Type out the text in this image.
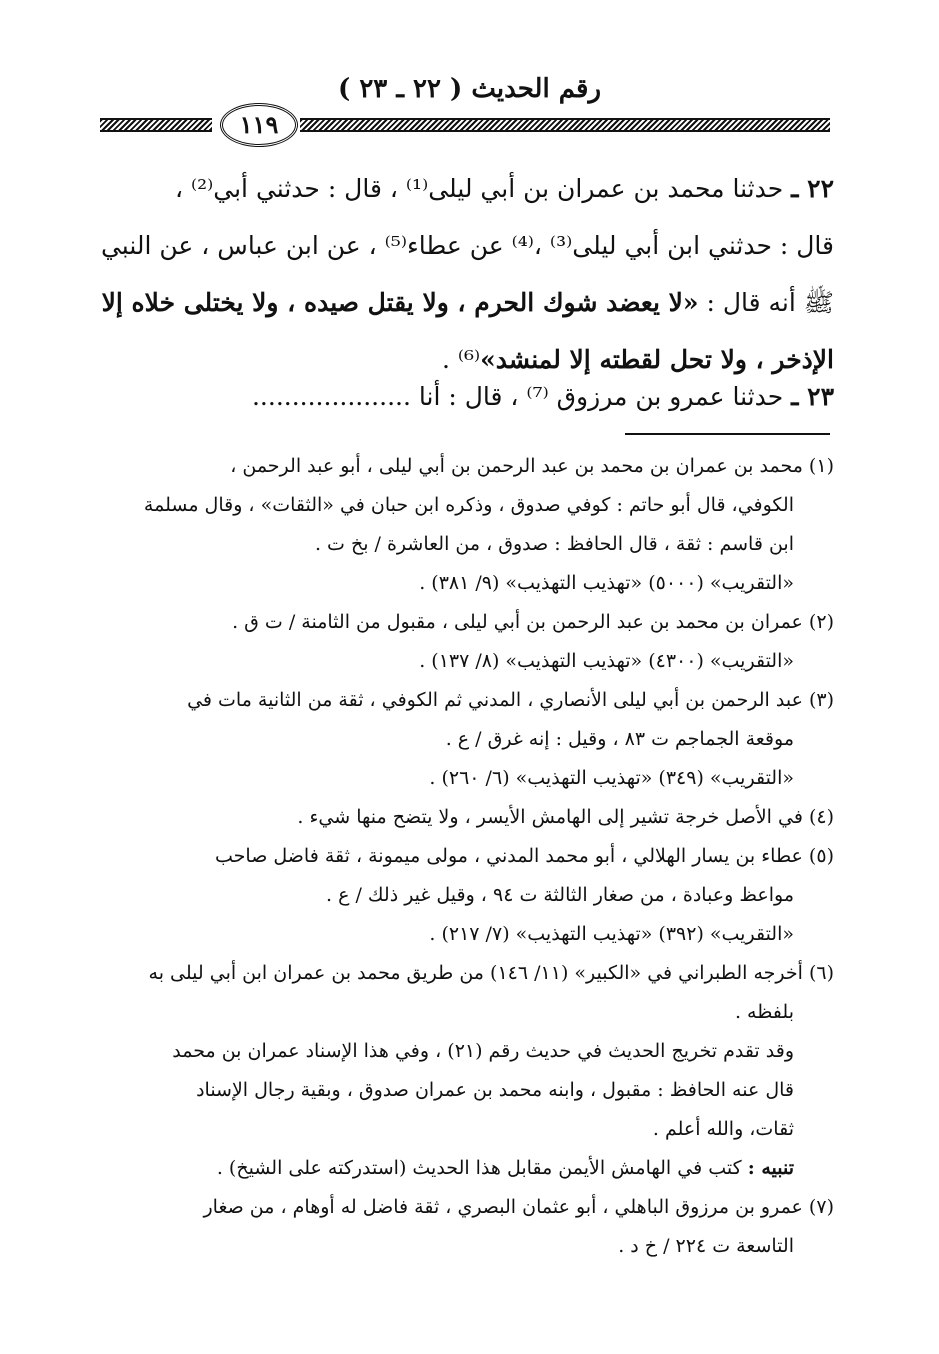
رقم الحديث ( ٢٢ ـ ٢٣ )
١١٩
٢٢ ـ حدثنا محمد بن عمران بن أبي ليلى⁽¹⁾ ، قال : حدثني أبي⁽²⁾ ،
قال : حدثني ابن أبي ليلى⁽³⁾ ،⁽⁴⁾ عن عطاء⁽⁵⁾ ، عن ابن عباس ، عن النبي
ﷺ أنه قال : «لا يعضد شوك الحرم ، ولا يقتل صيده ، ولا يختلى خلاه إلا
الإذخر ، ولا تحل لقطته إلا لمنشد»⁽⁶⁾ .
٢٣ ـ حدثنا عمرو بن مرزوق ⁽⁷⁾ ، قال : أنا ....................
(١) محمد بن عمران بن محمد بن عبد الرحمن بن أبي ليلى ، أبو عبد الرحمن ،
الكوفي، قال أبو حاتم : كوفي صدوق ، وذكره ابن حبان في «الثقات» ، وقال مسلمة
ابن قاسم : ثقة ، قال الحافظ : صدوق ، من العاشرة / بخ ت .
«التقريب» (٥٠٠٠) «تهذيب التهذيب» (٩/ ٣٨١) .
(٢) عمران بن محمد بن عبد الرحمن بن أبي ليلى ، مقبول من الثامنة / ت ق .
«التقريب» (٤٣٠٠) «تهذيب التهذيب» (٨/ ١٣٧) .
(٣) عبد الرحمن بن أبي ليلى الأنصاري ، المدني ثم الكوفي ، ثقة من الثانية مات في
موقعة الجماجم ت ٨٣ ، وقيل : إنه غرق / ع .
«التقريب» (٣٤٩) «تهذيب التهذيب» (٦/ ٢٦٠) .
(٤) في الأصل خرجة تشير إلى الهامش الأيسر ، ولا يتضح منها شيء .
(٥) عطاء بن يسار الهلالي ، أبو محمد المدني ، مولى ميمونة ، ثقة فاضل صاحب
مواعظ وعبادة ، من صغار الثالثة ت ٩٤ ، وقيل غير ذلك / ع .
«التقريب» (٣٩٢) «تهذيب التهذيب» (٧/ ٢١٧) .
(٦) أخرجه الطبراني في «الكبير» (١١/ ١٤٦) من طريق محمد بن عمران ابن أبي ليلى به
بلفظه .
وقد تقدم تخريج الحديث في حديث رقم (٢١) ، وفي هذا الإسناد عمران بن محمد
قال عنه الحافظ : مقبول ، وابنه محمد بن عمران صدوق ، وبقية رجال الإسناد
ثقات، والله أعلم .
تنبيه : كتب في الهامش الأيمن مقابل هذا الحديث (استدركته على الشيخ) .
(٧) عمرو بن مرزوق الباهلي ، أبو عثمان البصري ، ثقة فاضل له أوهام ، من صغار
التاسعة ت ٢٢٤ / خ د .
